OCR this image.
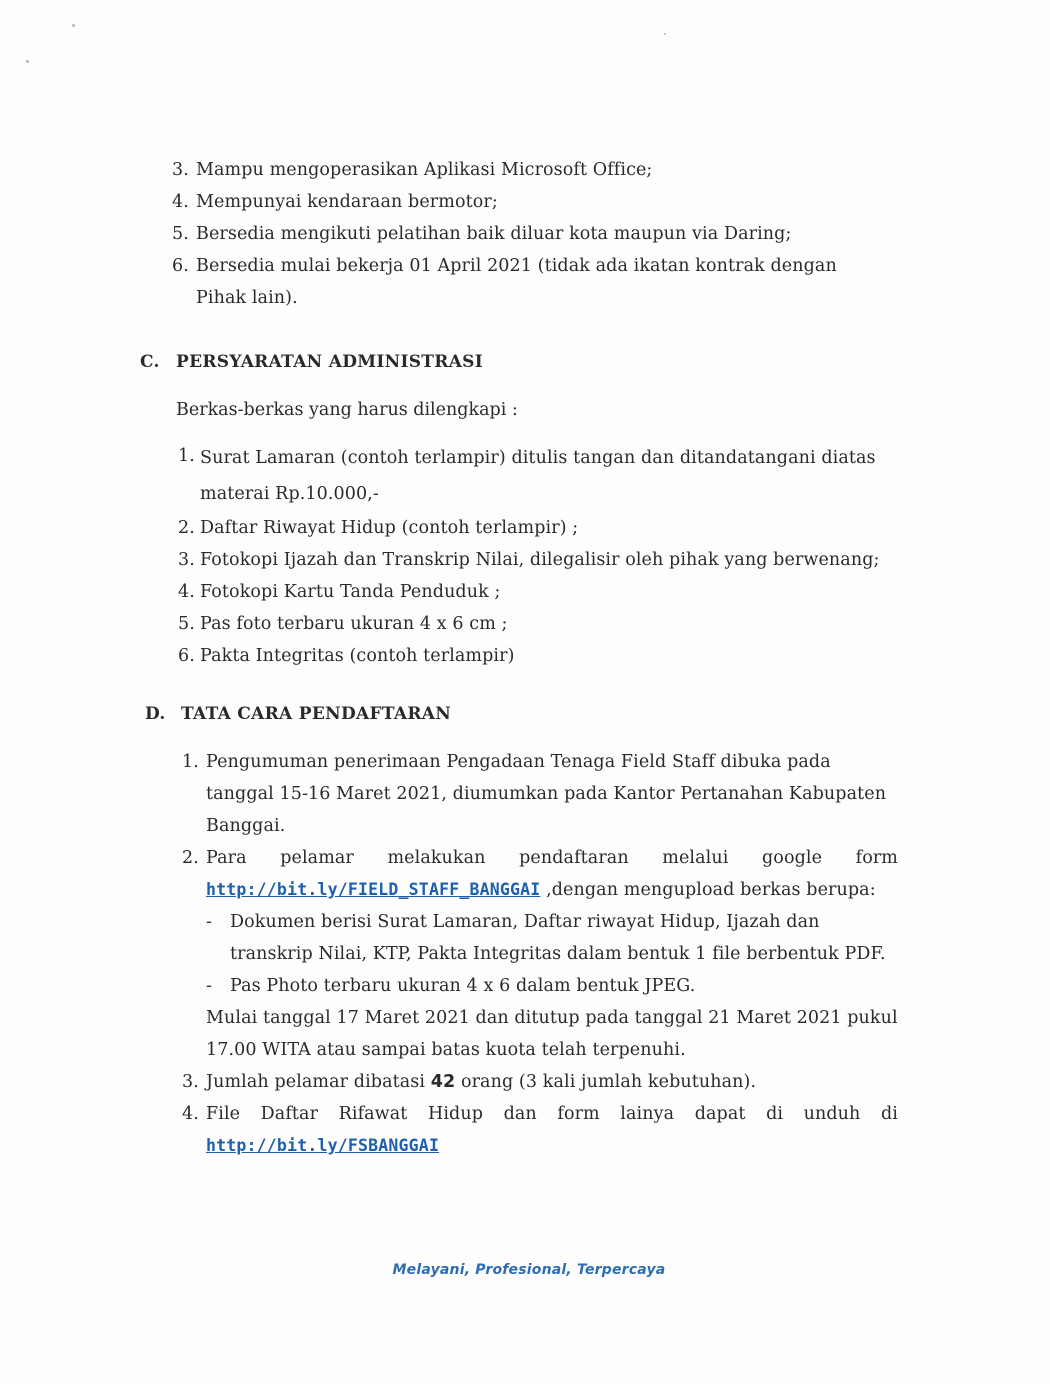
3. Mampu mengoperasikan Aplikasi Microsoft Office;
4. Mempunyai kendaraan bermotor;
5. Bersedia mengikuti pelatihan baik diluar kota maupun via Daring;
6. Bersedia mulai bekerja 01 April 2021 (tidak ada ikatan kontrak dengan Pihak lain).
C. PERSYARATAN ADMINISTRASI
Berkas-berkas yang harus dilengkapi :
1. Surat Lamaran (contoh terlampir) ditulis tangan dan ditandatangani diatas materai Rp.10.000,-
2. Daftar Riwayat Hidup (contoh terlampir) ;
3. Fotokopi Ijazah dan Transkrip Nilai, dilegalisir oleh pihak yang berwenang;
4. Fotokopi Kartu Tanda Penduduk ;
5. Pas foto terbaru ukuran 4 x 6 cm ;
6. Pakta Integritas (contoh terlampir)
D. TATA CARA PENDAFTARAN
1. Pengumuman penerimaan Pengadaan Tenaga Field Staff dibuka pada tanggal 15-16 Maret 2021, diumumkan pada Kantor Pertanahan Kabupaten Banggai.
2. Para pelamar melakukan pendaftaran melalui google form
http://bit.ly/FIELD_STAFF_BANGGAI ,dengan mengupload berkas berupa:
- Dokumen berisi Surat Lamaran, Daftar riwayat Hidup, Ijazah dan transkrip Nilai, KTP, Pakta Integritas dalam bentuk 1 file berbentuk PDF.
- Pas Photo terbaru ukuran 4 x 6 dalam bentuk JPEG.
Mulai tanggal 17 Maret 2021 dan ditutup pada tanggal 21 Maret 2021 pukul 17.00 WITA atau sampai batas kuota telah terpenuhi.
3. Jumlah pelamar dibatasi 42 orang (3 kali jumlah kebutuhan).
4. File Daftar Rifawat Hidup dan form lainya dapat di unduh di
http://bit.ly/FSBANGGAI
Melayani, Profesional, Terpercaya
